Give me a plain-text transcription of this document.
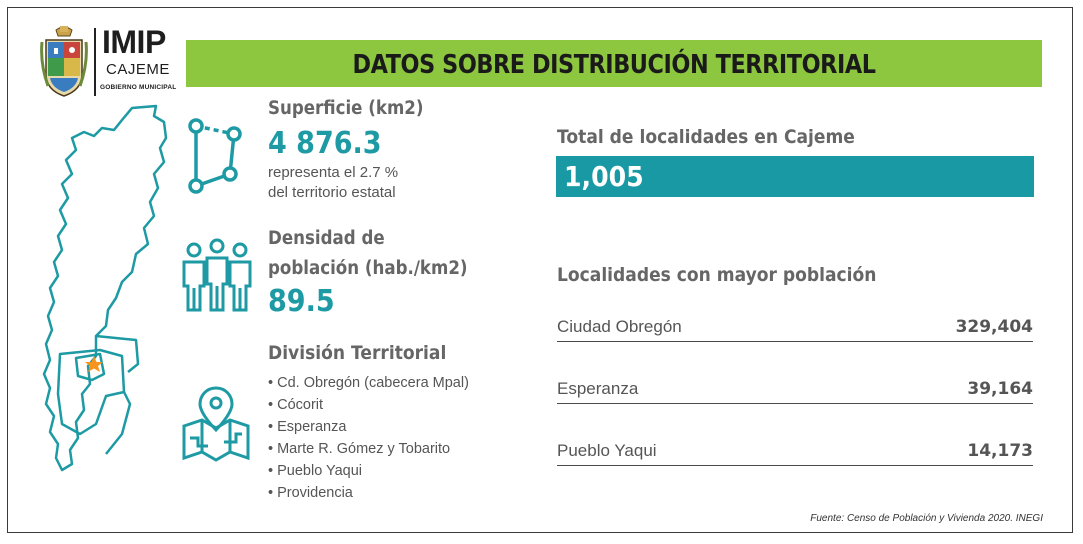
IMIP
CAJEME
GOBIERNO MUNICIPAL
DATOS SOBRE DISTRIBUCIÓN TERRITORIAL
Superficie (km2)
4 876.3
representa el 2.7 %
del territorio estatal
Densidad de
población (hab./km2)
89.5
División Territorial
• Cd. Obregón (cabecera Mpal)
• Cócorit
• Esperanza
• Marte R. Gómez y Tobarito
• Pueblo Yaqui
• Providencia
Total de localidades en Cajeme
1,005
Localidades con mayor población
Ciudad Obregón	329,404
Esperanza	39,164
Pueblo Yaqui	14,173
Fuente: Censo de Población y Vivienda 2020. INEGI
